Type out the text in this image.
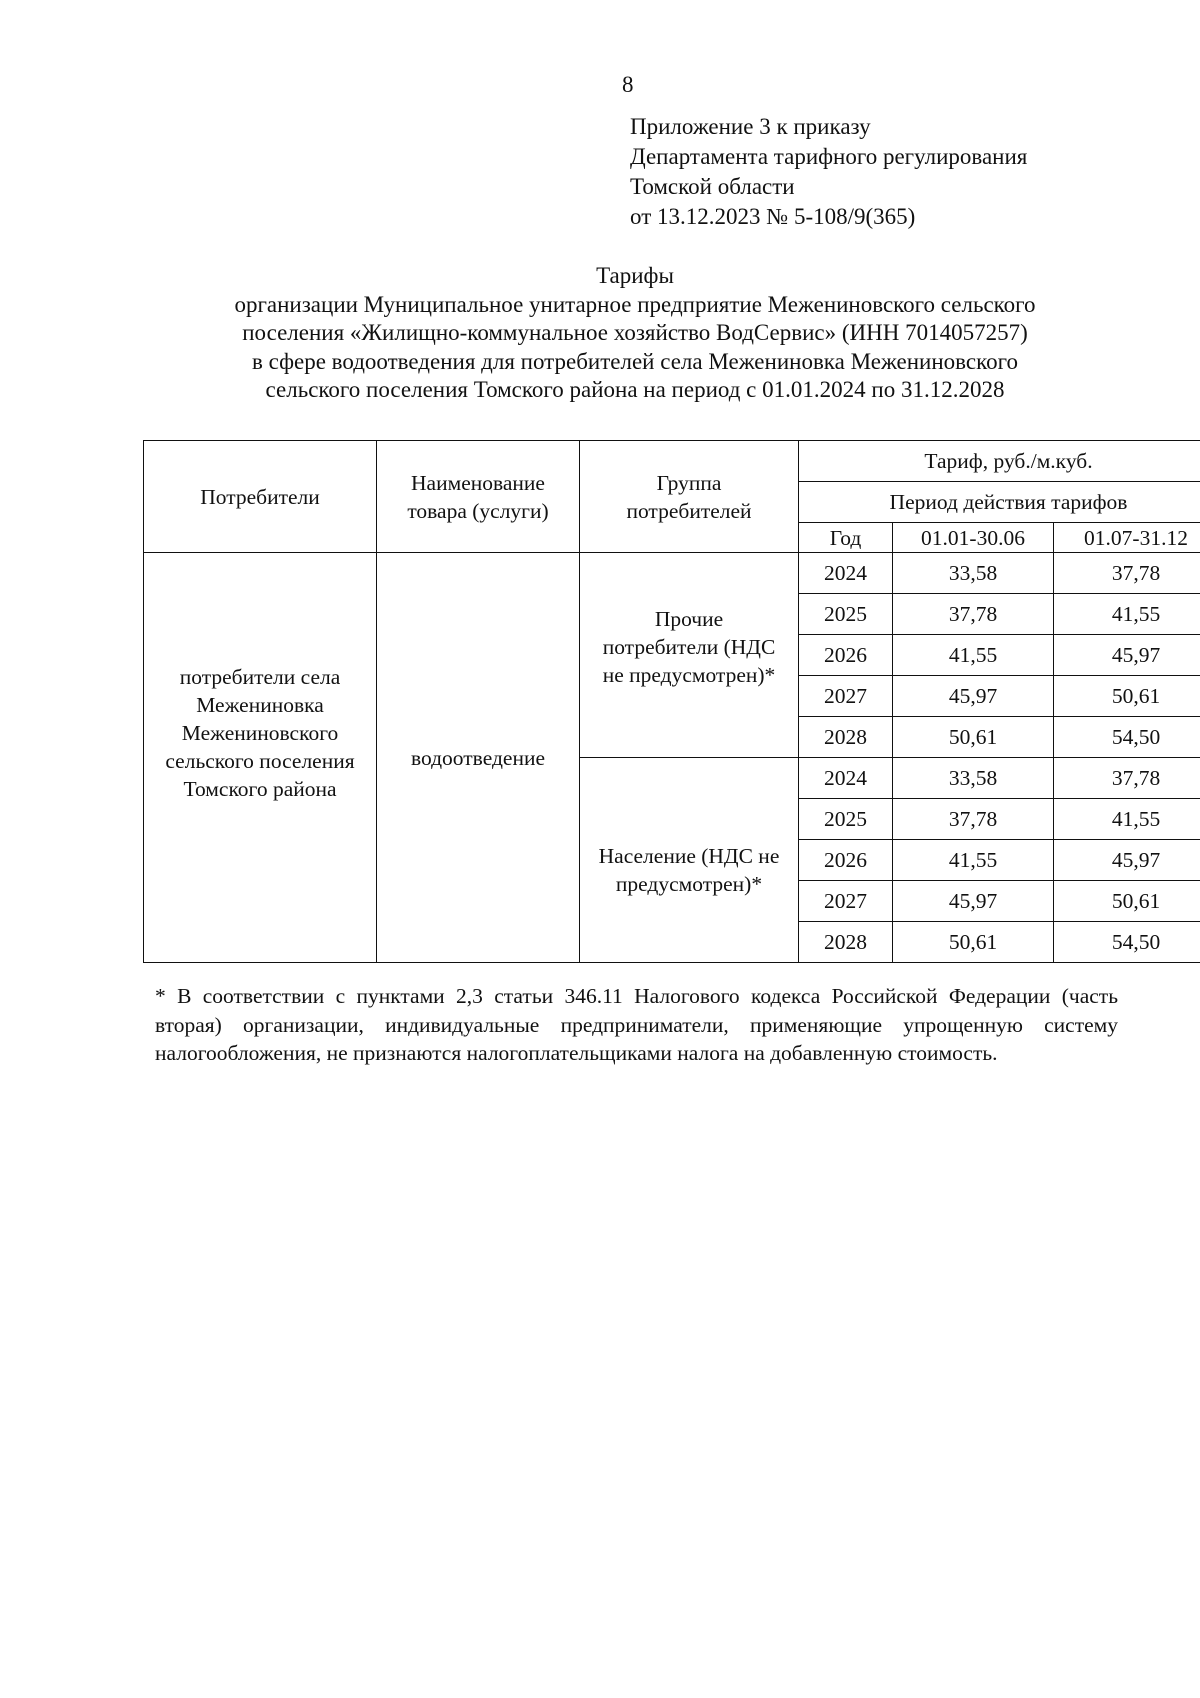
8
Приложение 3 к приказу
Департамента тарифного регулирования
Томской области
от 13.12.2023 № 5-108/9(365)
Тарифы
организации Муниципальное унитарное предприятие Межениновского сельского
поселения «Жилищно-коммунальное хозяйство ВодСервис» (ИНН 7014057257)
в сфере водоотведения для потребителей села Межениновка Межениновского
сельского поселения Томского района на период с 01.01.2024 по 31.12.2028
Потребители	Наименование товара (услуги)	Группа потребителей	Тариф, руб./м.куб.		
			Период действия тарифов		
			Год	01.01-30.06	01.07-31.12
потребители села Межениновка Межениновского сельского поселения Томского района	водоотведение	Прочие потребители (НДС не предусмотрен)*	2024	33,58	37,78
			2025	37,78	41,55
			2026	41,55	45,97
			2027	45,97	50,61
			2028	50,61	54,50
		Население (НДС не предусмотрен)*	2024	33,58	37,78
			2025	37,78	41,55
			2026	41,55	45,97
			2027	45,97	50,61
			2028	50,61	54,50
* В соответствии с пунктами 2,3 статьи 346.11 Налогового кодекса Российской Федерации (часть вторая) организации, индивидуальные предприниматели, применяющие упрощенную систему налогообложения, не признаются налогоплательщиками налога на добавленную стоимость.
